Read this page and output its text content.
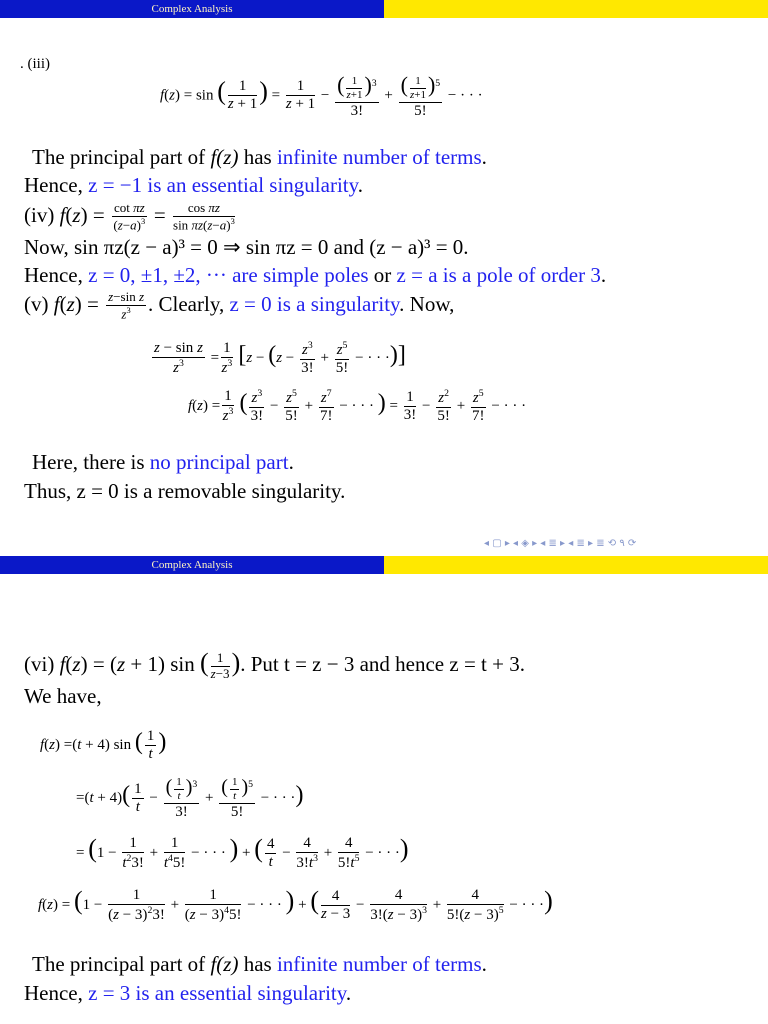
Complex Analysis
. (iii)
f(z) = sin ( $\frac{1}{z + 1}$ ) = $\frac{1}{z + 1} - \frac{( \frac{1}{z+1} )^3}{3!} + \frac{( \frac{1}{z+1} )^5}{5!}$ − · · ·
The principal part of f(z) has infinite number of terms.
Hence, z = −1 is an essential singularity.
(iv) $f(z) = \frac{\text{cot πz}}{(z-a)^3} = \frac{\text{cos πz}}{\sin \pi z(z-a)^3}$
Now, sin πz(z − a)³ = 0 ⇒ sin πz = 0 and (z − a)³ = 0.
Hence, z = 0, ±1, ±2, ··· are simple poles or z = a is a pole of order 3.
(v) $f(z) = \frac{\text{z−sin z}}{z^3}$ . Clearly, z = 0 is a singularity. Now,
$\frac{\text{z − sin z}}{z^3} = \frac{1}{z^3} [z - (z - \frac{z^3}{3!} + \frac{z^5}{5!}$ − · · ·)]
$f(z) = \frac{1}{z^3}$ ( $\frac{z^3}{3!} - \frac{z^5}{5!} + \frac{z^7}{7!}$ − · · · ) = $\frac{1}{3!} - \frac{z^2}{5!} + \frac{z^5}{7!}$ − · · ·
Here, there is no principal part.
Thus, z = 0 is a removable singularity.
◂ ▢ ▸ ◂ ◈ ▸ ◂ ≣ ▸ ◂ ≣ ▸ ≣ ⟲ ۹ ⟳
Complex Analysis
(vi) f(z) = (z + 1) sin ( $\frac{1}{z-3}$ ). Put t = z − 3 and hence z = t + 3.
We have,
f(z) =(t + 4) sin ( $\frac{1}{t}$ )
$=(t + 4)( \frac{1}{t} - \frac{( \frac{1}{t} )^3}{3!} + \frac{( \frac{1}{t} )^5}{5!}$ − · · ·)
= ($1 - \frac{1}{t^23!} + \frac{1}{t^45!}$ − · · · ) + ( $\frac{4}{t} - \frac{4}{3!t^3} + \frac{4}{5!t^5}$ − · · ·)
$f(z) = (1 - \frac{1}{(z - 3)^23!} + \frac{1}{(z - 3)^45!}$ − · · · ) + ( $\frac{4}{z - 3} - \frac{4}{3!(z - 3)^3} + \frac{4}{5!(z - 3)^5}$ − · · ·)
The principal part of f(z) has infinite number of terms.
Hence, z = 3 is an essential singularity.
